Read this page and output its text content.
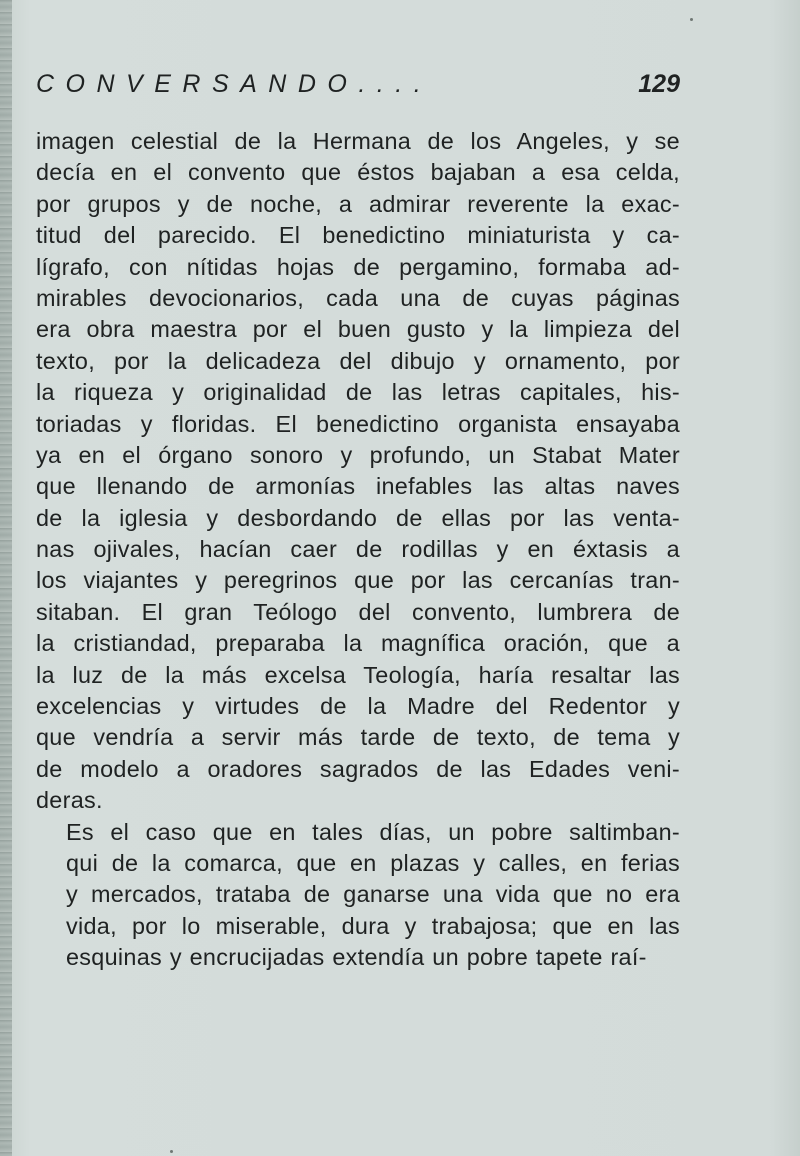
CONVERSANDO....	129

imagen celestial de la Hermana de los Angeles, y se
decía en el convento que éstos bajaban a esa celda,
por grupos y de noche, a admirar reverente la exac-
titud del parecido. El benedictino miniaturista y ca-
lígrafo, con nítidas hojas de pergamino, formaba ad-
mirables devocionarios, cada una de cuyas páginas
era obra maestra por el buen gusto y la limpieza del
texto, por la delicadeza del dibujo y ornamento, por
la riqueza y originalidad de las letras capitales, his-
toriadas y floridas. El benedictino organista ensayaba
ya en el órgano sonoro y profundo, un Stabat Mater
que llenando de armonías inefables las altas naves
de la iglesia y desbordando de ellas por las venta-
nas ojivales, hacían caer de rodillas y en éxtasis a
los viajantes y peregrinos que por las cercanías tran-
sitaban. El gran Teólogo del convento, lumbrera de
la cristiandad, preparaba la magnífica oración, que a
la luz de la más excelsa Teología, haría resaltar las
excelencias y virtudes de la Madre del Redentor y
que vendría a servir más tarde de texto, de tema y
de modelo a oradores sagrados de las Edades veni-
deras.

Es el caso que en tales días, un pobre saltimban-
qui de la comarca, que en plazas y calles, en ferias
y mercados, trataba de ganarse una vida que no era
vida, por lo miserable, dura y trabajosa; que en las
esquinas y encrucijadas extendía un pobre tapete raí-
